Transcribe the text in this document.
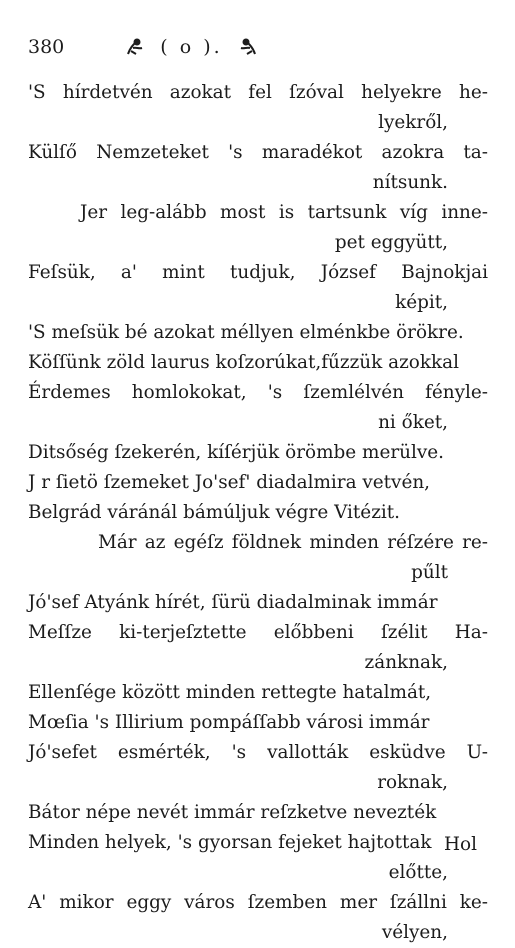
380	( o ).
'S hírdetvén azokat fel ſzóval helyekre he-
lyekről,
Külſő Nemzeteket 's maradékot azokra ta-
nítsunk.
Jer leg-alább most is tartsunk víg inne-
pet eggyütt,
Feſsük, a' mint tudjuk, József Bajnokjai
képit,
'S meſsük bé azokat méllyen elménkbe örökre.
Köſſünk zöld laurus koſzorúkat,fűzzük azokkal
Érdemes homlokokat, 's ſzemlélvén fényle-
ni őket,
Ditsőség ſzekerén, kíſérjük örömbe merülve.
J r ſietö ſzemeket Jo'sef' diadalmira vetvén,
Belgrád váránál bámúljuk végre Vitézit.
Már az egéſz földnek minden réſzére re-
pűlt
Jó'sef Atyánk hírét, ſürü diadalminak immár
Meſſze ki-terjeſztette előbbeni ſzélit Ha-
zánknak,
Ellenſége között minden rettegte hatalmát,
Mœſia 's Illirium pompáſſabb városi immár
Jó'sefet esmérték, 's vallották esküdve U-
roknak,
Bátor népe nevét immár reſzketve nevezték
Minden helyek, 's gyorsan fejeket hajtottak
előtte,
A' mikor eggy város ſzemben mer ſzállni ke-
vélyen,
Hol
